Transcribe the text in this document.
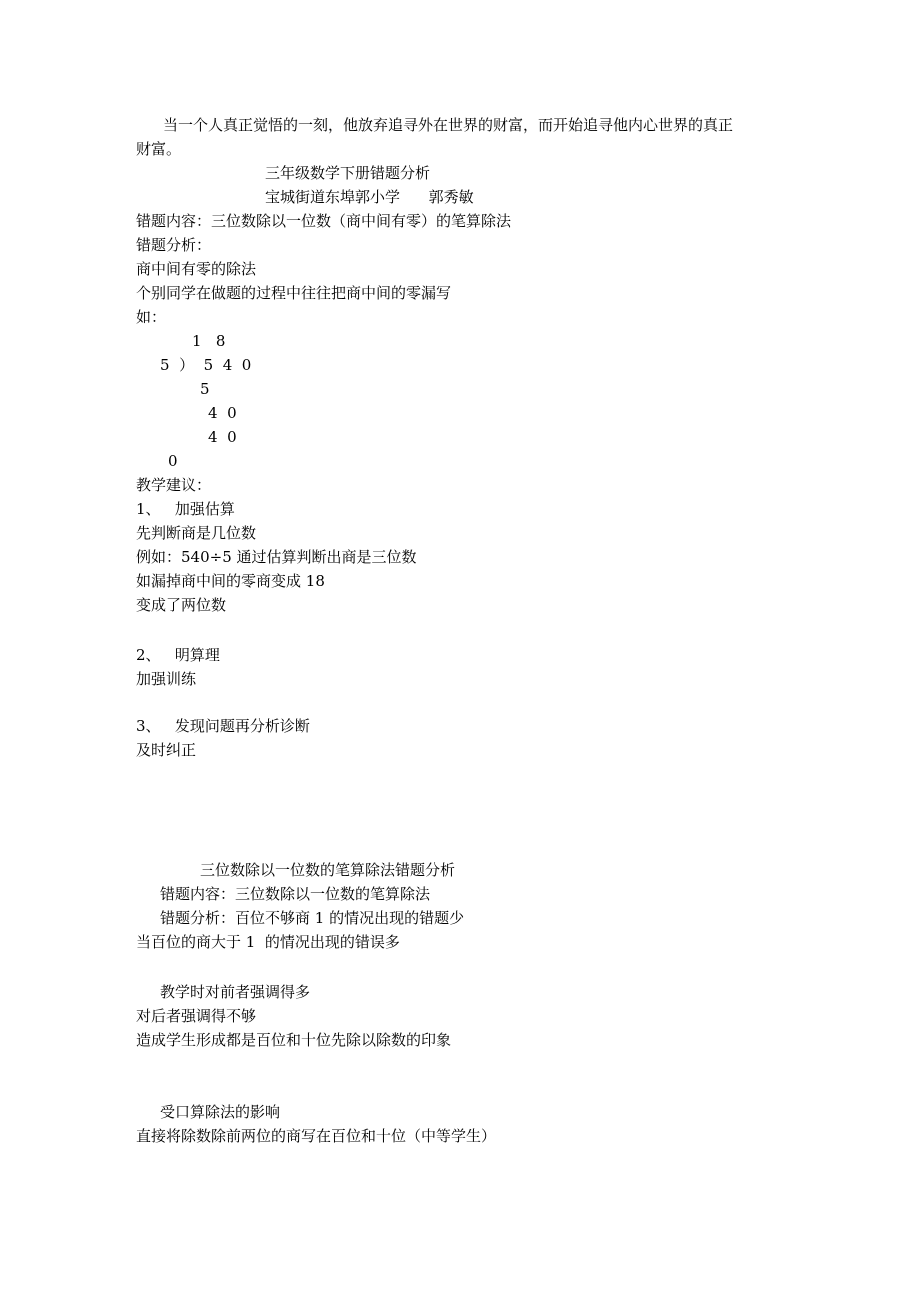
当一个人真正觉悟的一刻，他放弃追寻外在世界的财富，而开始追寻他内心世界的真正
财富。
三年级数学下册错题分析
宝城街道东埠郭小学      郭秀敏
错题内容：三位数除以一位数（商中间有零）的笔算除法
错题分析：
商中间有零的除法
个别同学在做题的过程中往往把商中间的零漏写
如：
1   8
5  ）  5  4  0
5
4  0
4  0
0
教学建议：
1、   加强估算
先判断商是几位数
例如：540÷5 通过估算判断出商是三位数
如漏掉商中间的零商变成 18
变成了两位数
2、   明算理
加强训练
3、   发现问题再分析诊断
及时纠正
三位数除以一位数的笔算除法错题分析
错题内容：三位数除以一位数的笔算除法
错题分析：百位不够商 1 的情况出现的错题少
当百位的商大于 1  的情况出现的错误多
教学时对前者强调得多
对后者强调得不够
造成学生形成都是百位和十位先除以除数的印象
受口算除法的影响
直接将除数除前两位的商写在百位和十位（中等学生）
